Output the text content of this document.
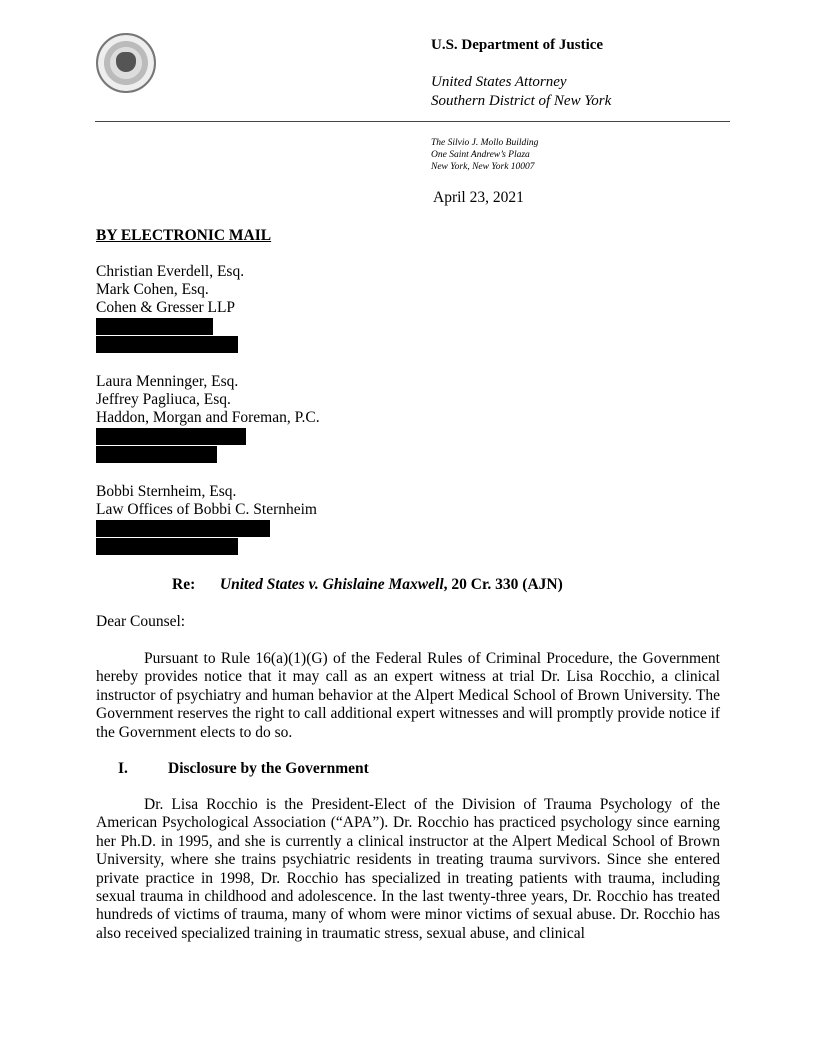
U.S. Department of Justice
United States Attorney
Southern District of New York
The Silvio J. Mollo Building
One Saint Andrew’s Plaza
New York, New York 10007
April 23, 2021
BY ELECTRONIC MAIL
Christian Everdell, Esq.
Mark Cohen, Esq.
Cohen & Gresser LLP
Laura Menninger, Esq.
Jeffrey Pagliuca, Esq.
Haddon, Morgan and Foreman, P.C.
Bobbi Sternheim, Esq.
Law Offices of Bobbi C. Sternheim
Re: United States v. Ghislaine Maxwell, 20 Cr. 330 (AJN)
Dear Counsel:
Pursuant to Rule 16(a)(1)(G) of the Federal Rules of Criminal Procedure, the Government hereby provides notice that it may call as an expert witness at trial Dr. Lisa Rocchio, a clinical instructor of psychiatry and human behavior at the Alpert Medical School of Brown University. The Government reserves the right to call additional expert witnesses and will promptly provide notice if the Government elects to do so.
I.	Disclosure by the Government
Dr. Lisa Rocchio is the President-Elect of the Division of Trauma Psychology of the American Psychological Association (“APA”). Dr. Rocchio has practiced psychology since earning her Ph.D. in 1995, and she is currently a clinical instructor at the Alpert Medical School of Brown University, where she trains psychiatric residents in treating trauma survivors. Since she entered private practice in 1998, Dr. Rocchio has specialized in treating patients with trauma, including sexual trauma in childhood and adolescence. In the last twenty-three years, Dr. Rocchio has treated hundreds of victims of trauma, many of whom were minor victims of sexual abuse. Dr. Rocchio has also received specialized training in traumatic stress, sexual abuse, and clinical
